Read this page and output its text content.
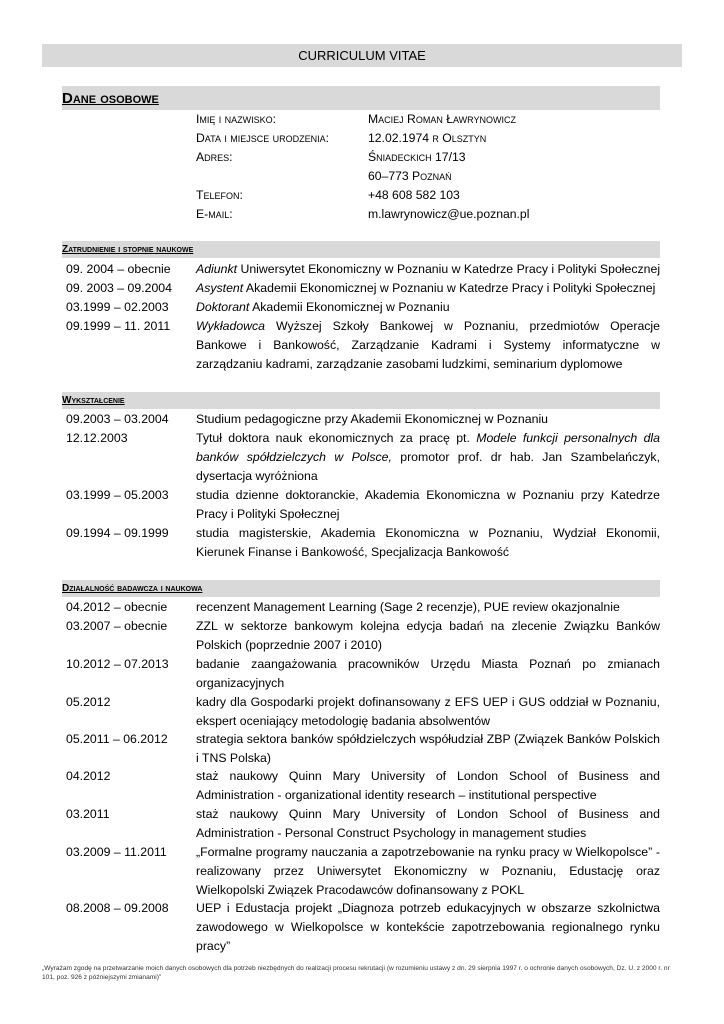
CURRICULUM VITAE
Dane osobowe
Imię i nazwisko:	Maciej Roman Ławrynowicz
Data i miejsce urodzenia:	12.02.1974 r Olsztyn
Adres:	Śniadeckich 17/13
60–773 Poznań
Telefon:	+48 608 582 103
E-mail:	m.lawrynowicz@ue.poznan.pl
Zatrudnienie i stopnie naukowe
09. 2004 – obecnie	Adiunkt Uniwersytet Ekonomiczny w Poznaniu w Katedrze Pracy i Polityki Społecznej
09. 2003 – 09.2004	Asystent Akademii Ekonomicznej w Poznaniu w Katedrze Pracy i Polityki Społecznej
03.1999 – 02.2003	Doktorant Akademii Ekonomicznej w Poznaniu
09.1999 – 11. 2011	Wykładowca Wyższej Szkoły Bankowej w Poznaniu, przedmiotów Operacje Bankowe i Bankowość, Zarządzanie Kadrami i Systemy informatyczne w zarządzaniu kadrami, zarządzanie zasobami ludzkimi, seminarium dyplomowe
Wykształcenie
09.2003 – 03.2004	Studium pedagogiczne przy Akademii Ekonomicznej w Poznaniu
12.12.2003	Tytuł doktora nauk ekonomicznych za pracę pt. Modele funkcji personalnych dla banków spółdzielczych w Polsce, promotor prof. dr hab. Jan Szambelańczyk, dysertacja wyróżniona
03.1999 – 05.2003	studia dzienne doktoranckie, Akademia Ekonomiczna w Poznaniu przy Katedrze Pracy i Polityki Społecznej
09.1994 – 09.1999	studia magisterskie, Akademia Ekonomiczna w Poznaniu, Wydział Ekonomii, Kierunek Finanse i Bankowość, Specjalizacja Bankowość
Działalność badawcza i naukowa
04.2012 – obecnie	recenzent Management Learning (Sage 2 recenzje), PUE review okazjonalnie
03.2007 – obecnie	ZZL w sektorze bankowym kolejna edycja badań na zlecenie Związku Banków Polskich (poprzednie 2007 i 2010)
10.2012 – 07.2013	badanie zaangażowania pracowników Urzędu Miasta Poznań po zmianach organizacyjnych
05.2012	kadry dla Gospodarki projekt dofinansowany z EFS UEP i GUS oddział w Poznaniu, ekspert oceniający metodologię badania absolwentów
05.2011 – 06.2012	strategia sektora banków spółdzielczych współudział ZBP (Związek Banków Polskich i TNS Polska)
04.2012	staż naukowy Quinn Mary University of London School of Business and Administration - organizational identity research – institutional perspective
03.2011	staż naukowy Quinn Mary University of London School of Business and Administration - Personal Construct Psychology in management studies
03.2009 – 11.2011	„Formalne programy nauczania a zapotrzebowanie na rynku pracy w Wielkopolsce” - realizowany przez Uniwersytet Ekonomiczny w Poznaniu, Edustację oraz Wielkopolski Związek Pracodawców dofinansowany z POKL
08.2008 – 09.2008	UEP i Edustacja projekt „Diagnoza potrzeb edukacyjnych w obszarze szkolnictwa zawodowego w Wielkopolsce w kontekście zapotrzebowania regionalnego rynku pracy”
„Wyrażam zgodę na przetwarzanie moich danych osobowych dla potrzeb niezbędnych do realizacji procesu rekrutacji (w rozumieniu ustawy z dn. 29 sierpnia 1997 r. o ochronie danych osobowych, Dz. U. z 2000 r. nr 101, poz. 926 z późniejszymi zmianami)”
